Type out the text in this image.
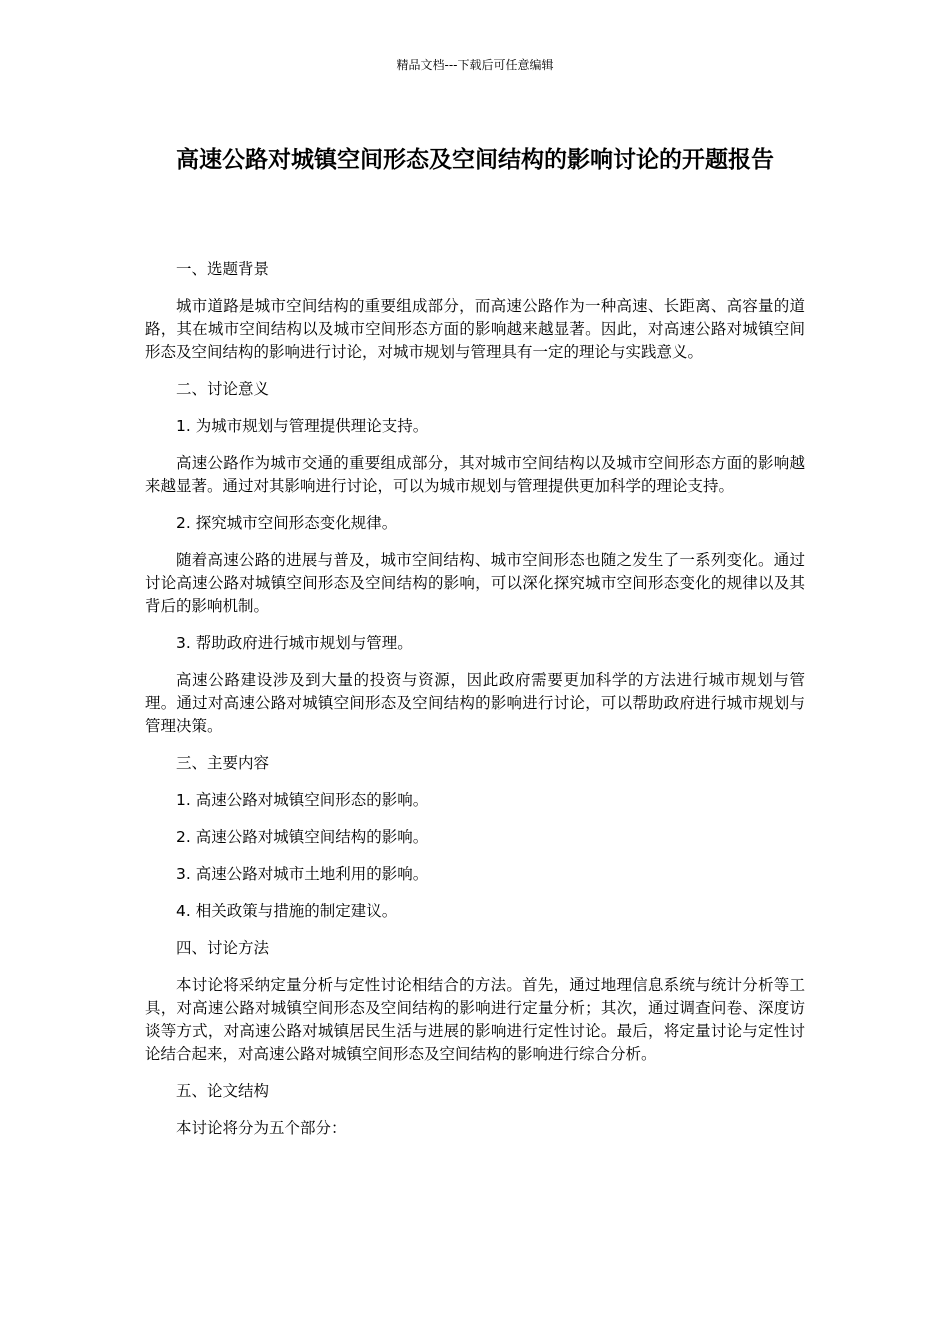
精品文档---下载后可任意编辑
高速公路对城镇空间形态及空间结构的影响讨论的开题报告

一、选题背景

城市道路是城市空间结构的重要组成部分，而高速公路作为一种高速、长距离、高容量的道路，其在城市空间结构以及城市空间形态方面的影响越来越显著。因此，对高速公路对城镇空间形态及空间结构的影响进行讨论，对城市规划与管理具有一定的理论与实践意义。

二、讨论意义

1. 为城市规划与管理提供理论支持。

高速公路作为城市交通的重要组成部分，其对城市空间结构以及城市空间形态方面的影响越来越显著。通过对其影响进行讨论，可以为城市规划与管理提供更加科学的理论支持。

2. 探究城市空间形态变化规律。

随着高速公路的进展与普及，城市空间结构、城市空间形态也随之发生了一系列变化。通过讨论高速公路对城镇空间形态及空间结构的影响，可以深化探究城市空间形态变化的规律以及其背后的影响机制。

3. 帮助政府进行城市规划与管理。

高速公路建设涉及到大量的投资与资源，因此政府需要更加科学的方法进行城市规划与管理。通过对高速公路对城镇空间形态及空间结构的影响进行讨论，可以帮助政府进行城市规划与管理决策。

三、主要内容

1. 高速公路对城镇空间形态的影响。

2. 高速公路对城镇空间结构的影响。

3. 高速公路对城市土地利用的影响。

4. 相关政策与措施的制定建议。

四、讨论方法

本讨论将采纳定量分析与定性讨论相结合的方法。首先，通过地理信息系统与统计分析等工具，对高速公路对城镇空间形态及空间结构的影响进行定量分析；其次，通过调查问卷、深度访谈等方式，对高速公路对城镇居民生活与进展的影响进行定性讨论。最后，将定量讨论与定性讨论结合起来，对高速公路对城镇空间形态及空间结构的影响进行综合分析。

五、论文结构

本讨论将分为五个部分：
